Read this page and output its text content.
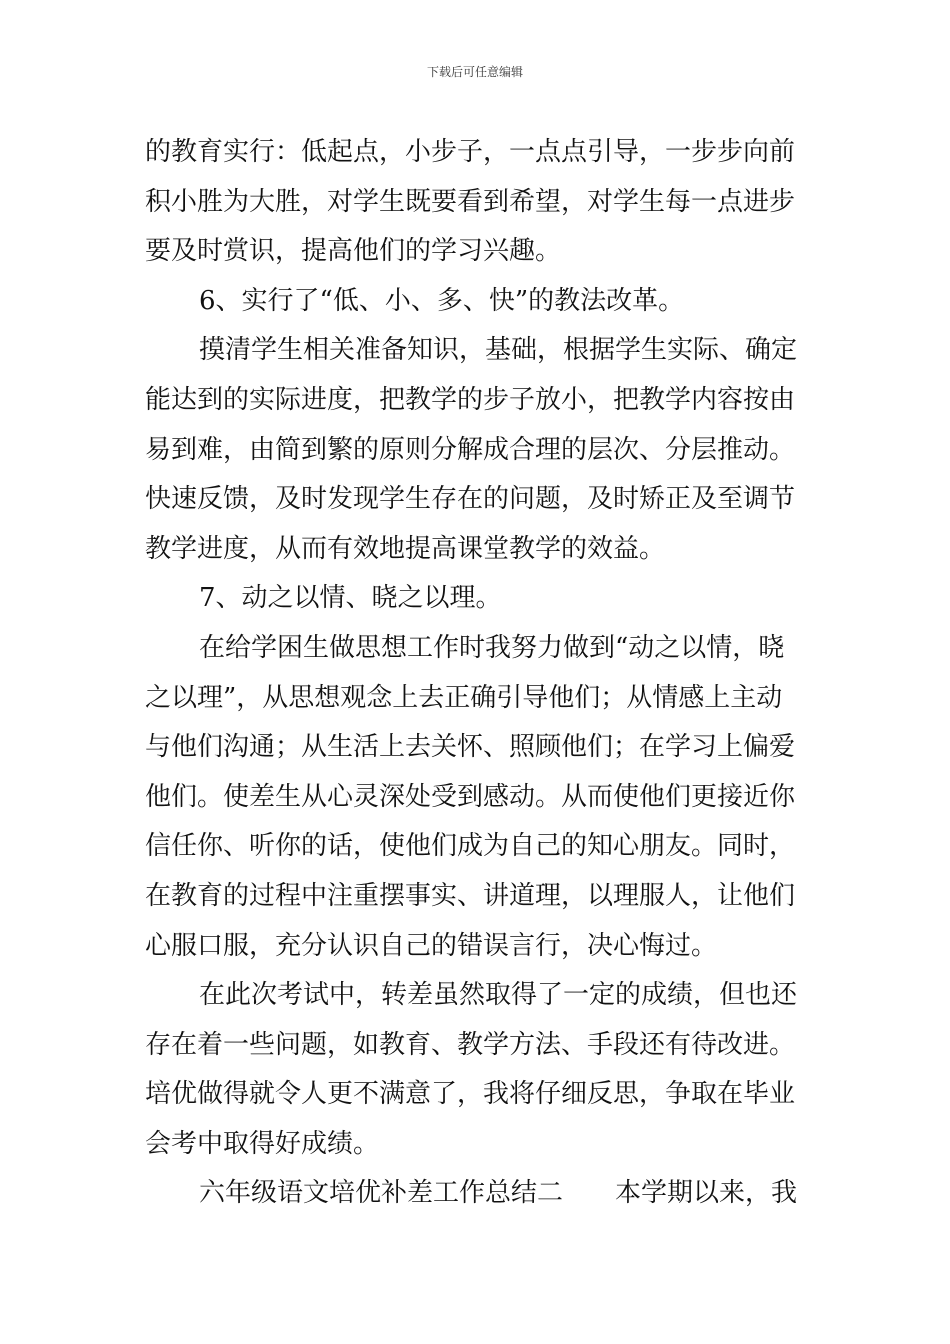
下载后可任意编辑
的教育实行：低起点，小步子，一点点引导，一步步向前
积小胜为大胜，对学生既要看到希望，对学生每一点进步
要及时赏识，提高他们的学习兴趣。
6、实行了“低、小、多、快”的教法改革。
摸清学生相关准备知识，基础，根据学生实际、确定
能达到的实际进度，把教学的步子放小，把教学内容按由
易到难，由简到繁的原则分解成合理的层次、分层推动。
快速反馈，及时发现学生存在的问题，及时矫正及至调节
教学进度，从而有效地提高课堂教学的效益。
7、动之以情、晓之以理。
在给学困生做思想工作时我努力做到“动之以情，晓
之以理”，从思想观念上去正确引导他们；从情感上主动
与他们沟通；从生活上去关怀、照顾他们；在学习上偏爱
他们。使差生从心灵深处受到感动。从而使他们更接近你
信任你、听你的话，使他们成为自己的知心朋友。同时，
在教育的过程中注重摆事实、讲道理，以理服人，让他们
心服口服，充分认识自己的错误言行，决心悔过。
在此次考试中，转差虽然取得了一定的成绩，但也还
存在着一些问题，如教育、教学方法、手段还有待改进。
培优做得就令人更不满意了，我将仔细反思，争取在毕业
会考中取得好成绩。
六年级语文培优补差工作总结二 本学期以来，我
